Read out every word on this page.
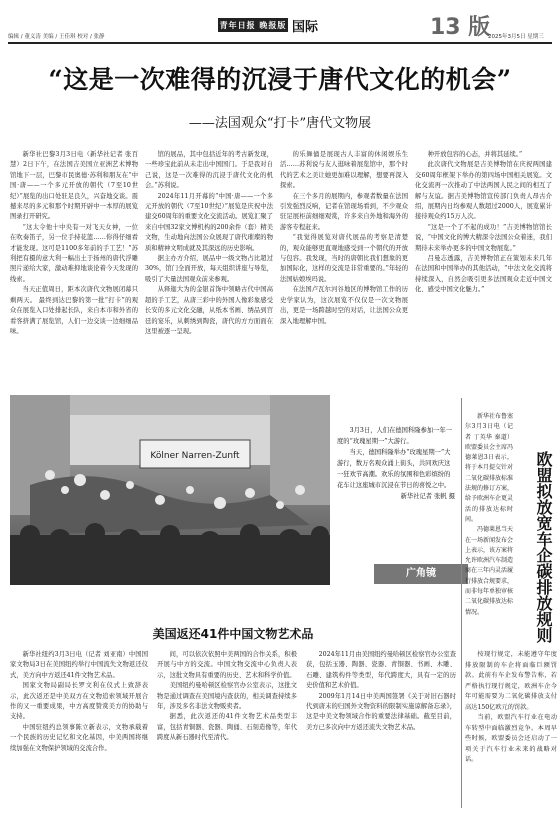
编辑 / 董义涛 美编 / 王佳琪 校对 / 张静
青年日报 晚报版 国际	13 版
2025年3月5日 星期三
“这是一次难得的沉浸于唐代文化的机会”
——法国观众“打卡”唐代文物展

新华社巴黎3月3日电（新华社记者 张百慧）2日下午，在法国吉美国立亚洲艺术博物馆地下一层，巴黎市民奥德·苏利和朋友在“中国·唐——一个多元开放的朝代（7至10世纪）”展览的出口处驻足良久，兴奋地交谈。震撼来尽的多元和那个时期开辟中一本厚的展览图录打开研究。

“这太令他十中央有一对飞天女神，一位在吹奏笛子，另一位手持花篮……你得仔细看才能发现。这可是1100多年前的手工艺！”苏利把有摄的意大利一幅出土于扬州的唐代浮雕照片递给大家，激动难抑地谈论着今天发现的线索。

当天正值周日，距本次唐代文物展闭幕只剩两天。 最终到达巴黎的第一批“打卡”的观众在展览入口处排起长队，来自本市和外省的看客挤满了展览馆，人们一边交谈一边细细品味。

馆的展品，其中包括近年的考古新发现，一些珍宝此前从未走出中国国门。于是我对自己说，这是一次难得的沉浸于唐代文化的机会。”苏利说。

2024年11月开幕的“中国·唐——一个多元开放的朝代（7至10世纪）”展览是庆祝中法建交60周年的重要文化交流活动。展览汇聚了来自中国32家文博机构的200余件（套）精美文物，生动地向法国公众展现了唐代璀璨的物质和精神文明成就及其深远的历史影响。

据主办方介绍，展品中一级文物占比超过30%，馆门全面开放，每天组织讲座与导览，吸引了大量法国观众前来参观。

从释迦大为的金银首饰中领略古代中国高超的手工艺，从唐三彩中的外国人像彩象感受长安的多元文化交融，从纸本书画、绣品到宫廷的宴乐，从刺绣到陶瓷，唐代的方方面面在这里被逐一呈现。

的乐舞俑是展现古人丰富的休闲娱乐生活……苏利说与友人逛咏着展览馆中，那个时代的艺术之美让她更加难以理解，想要再深入探索。

在三个多月的展期内，参观者数量在法国引发强烈反响，记者在馆现场看到，不少观众驻足展柜前细细观赏，许多来自外地和海外的游客专程赶来。

“我觉得展览对唐代展品的考察是清楚的，观众能够更直观地感受到一个朝代的开放与包容。我发现，当时的唐朝比我们想象的更加国际化，这样的交流是非常重要的。”年轻的法国姑娘埃玛说。

在法国卢瓦尔河谷地区的博物馆工作的历史学家认为，这次展览不仅仅是一次文物展出，更是一场跨越时空的对话，让法国公众更深入地理解中国。

种开放包容的心态，并将其延续。”

此次唐代文物展是吉美博物馆在庆祝两国建交60周年框架下举办的第四场中国相关展览。文化交流再一次推动了中法两国人民之间的相互了解与友谊。据吉美博物馆宣传部门负责人昂古介绍，展期内日均参观人数超过2000人，展览累计接待观众约15万人次。

“这是一个了不起的成功！”吉美博物馆馆长说，“中国文化的博大精深令法国公众着迷，我们期待未来举办更多的中国文物展览。”

吕曼志透露，吉美博物馆正在策划未来几年在法国和中国举办的其他活动，“中法文化交流将持续深入，自然会吸引更多法国观众走近中国文化、感受中国文化魅力。”

Kölner Narren-Zunft

3月3日，人们在德国科隆参加一年一度的“玫瑰星期一”大游行。

当天，德国科隆举办“玫瑰星期一”大游行，数万名观众涌上街头，共同欢庆这一狂欢节高潮。欢乐的氛围和色彩缤纷的花车让这座城市沉浸在节日的喜悦之中。

新华社记者 张帆 摄

广角镜

新华社布鲁塞尔3月3日电（记者 丁英华 秦道）欧盟委员会主席冯德莱恩3日表示，将于本月提交针对二氧化碳排放标准法规的修订方案，给予欧洲车企更灵活的排放达标时间。

冯德莱恩当天在一场新闻发布会上表示，该方案将允许欧洲汽车制造商在三年内灵活履行排放合规要求，而非每年单独审核二氧化碳排放达标情况。	欧盟拟放宽车企碳排放规则

按现行规定，未能遵守年度排放限制的车企将面临巨额罚款。此前有车企发布警告称，若严格执行现行规定，欧洲车企今年可能需要为二氧化碳排放支付高达150亿欧元的罚款。

当前，欧盟汽车行业在电动车转型中面临激烈竞争。本周早些时候，欧盟委员会还启动了一项关于汽车行业未来的战略对话。

美国返还41件中国文物艺术品

新华社纽约3月3日电（记者 刘亚南）中国国家文物局3日在美国纽约举行中国流失文物返还仪式，美方向中方返还41件文物艺术品。

国家文物局副局长罗文利在仪式上致辞表示，此次返还是中美双方在文物追索领域开展合作的又一重要成果，中方高度赞赏美方的协助与支持。

中国驻纽约总领事陈立新表示，文物承载着一个民族的历史记忆和文化基因，中美两国将继续加强在文物保护领域的交流合作。

间，可以依次依照中美两国的合作关系，积极开展与中方的交流。中国文物交流中心负责人表示，这批文物具有重要的历史、艺术和科学价值。

美国纽约曼哈顿区检察官办公室表示，这批文物是通过调查在美国境内查获的，相关调查持续多年，涉及多名非法文物贩卖者。

据悉，此次返还的41件文物艺术品类型丰富，包括青铜器、瓷器、陶俑、石刻造像等，年代跨度从新石器时代至清代。

2024年11月由美国纽约曼哈顿区检察官办公室查获，包括玉器、陶器、瓷器、青铜器、书画、木雕、石雕、建筑构件等类型，年代跨度大，具有一定的历史价值和艺术价值。

2009年1月14日中美两国签署《关于对旧石器时代到唐末的归国外文物资料的限制实施谅解备忘录》，这是中美文物领域合作的重要法律基础。截至目前，美方已多次向中方返还流失文物艺术品。
